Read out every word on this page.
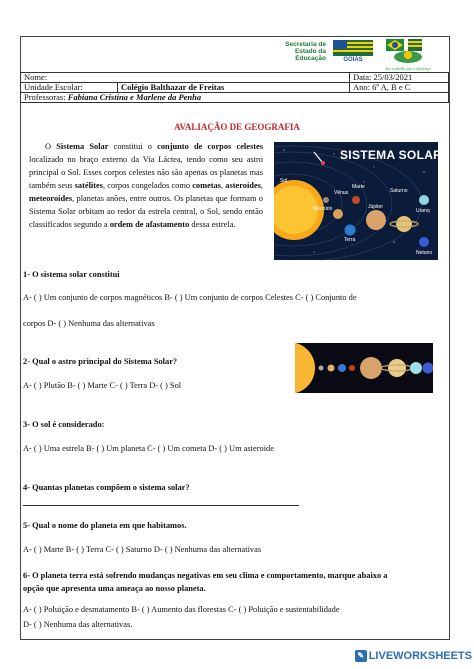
Secretaria de Estado da Educação	GOIÁS
Seu trabalho faz a diferença
Nome:		Data: 25/03/2021
Unidade Escolar:	Colégio Balthazar de Freitas	Ano: 6º A, B e C
Professoras: Fabiana Cristina e Marlene da Penha		
AVALIAÇÃO DE GEOGRAFIA

O Sistema Solar constitui o conjunto de corpos celestes localizado no braço externo da Via Láctea, tendo como seu astro principal o Sol. Esses corpos celestes não são apenas os planetas mas também seus satélites, corpos congelados como cometas, asteroides, meteoroides, planetas anões, entre outros. Os planetas que formam o Sistema Solar orbitam ao redor da estrela central, o Sol, sendo então classificados segundo a ordem de afastamento dessa estrela.

Sol
Mercúrio
Vênus
Terra
Marte
Júpiter
Saturno
Urano
Netuno
SISTEMA SOLAR
1- O sistema solar constitui
A- ( ) Um conjunto de corpos magnéticos B- ( ) Um conjunto de corpos Celestes C- ( ) Conjunto de
corpos D- ( ) Nenhuma das alternativas
2- Qual o astro principal do Sistema Solar?
A- ( ) Plutão B- ( ) Marte C- ( ) Terra D- ( ) Sol
3- O sol é considerado:
A- ( ) Uma estrela B- ( ) Um planeta C- ( ) Um cometa D- ( ) Um asteroide
4- Quantas planetas compõem o sistema solar?
5- Qual o nome do planeta em que habitamos.
A- ( ) Marte B- ( ) Terra C- ( ) Saturno D- ( ) Nenhuma das alternativas
6- O planeta terra está sofrendo mudanças negativas em seu clima e comportamento, marque abaixo a
opção que apresenta uma ameaça ao nosso planeta.
A- ( ) Poluição e desmatamento B- ( ) Aumento das florestas C- ( ) Poluição e sustentabilidade
D- ( ) Nenhuma das alternativas.
✎ LIVEWORKSHEETS
